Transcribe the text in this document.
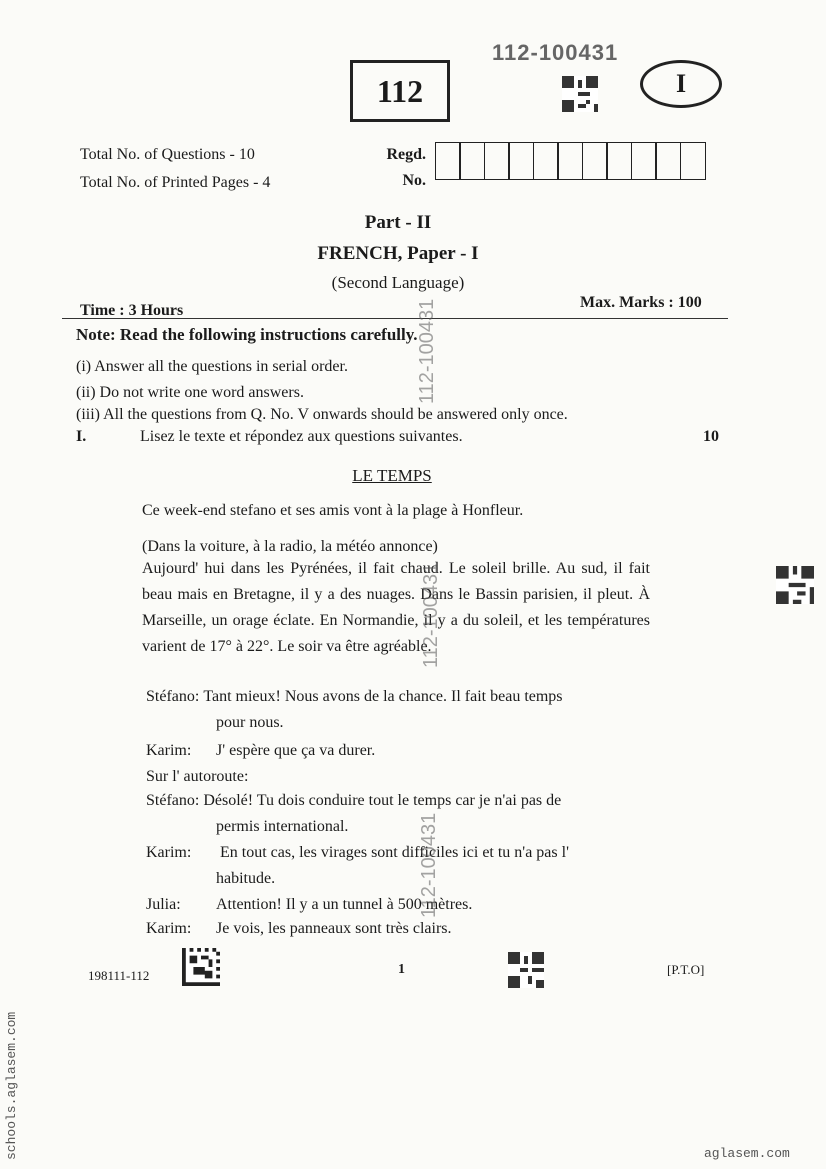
112-100431
112	I
Total No. of Questions - 10
Total No. of Printed Pages - 4
Regd.
No.
Part - II
FRENCH, Paper - I
(Second Language)
Time : 3 Hours	Max. Marks : 100
Note: Read the following instructions carefully.
(i) Answer all the questions in serial order.
(ii) Do not write one word answers.
(iii) All the questions from Q. No. V onwards should be answered only once.
I.	Lisez le texte et répondez aux questions suivantes.	10
LE TEMPS
Ce week-end stefano et ses amis vont à la plage à Honfleur.
(Dans la voiture, à la radio, la météo annonce)
Aujourd' hui dans les Pyrénées, il fait chaud. Le soleil brille. Au sud, il fait beau mais en Bretagne, il y a des nuages. Dans le Bassin parisien, il pleut. À Marseille, un orage éclate. En Normandie, il y a du soleil, et les températures varient de 17° à 22°. Le soir va être agréable.
Stéfano: Tant mieux! Nous avons de la chance. Il fait beau temps
pour nous.
Karim:	J' espère que ça va durer.
Sur l' autoroute:
Stéfano: Désolé! Tu dois conduire tout le temps car je n'ai pas de
permis international.
Karim: En tout cas, les virages sont difficiles ici et tu n'a pas l'
habitude.
Julia:	Attention! Il y a un tunnel à 500 mètres.
Karim:	Je vois, les panneaux sont très clairs.
112-100431
112-100431
112-100431
198111-112	1	[P.T.O]
schools.aglasem.com	aglasem.com
